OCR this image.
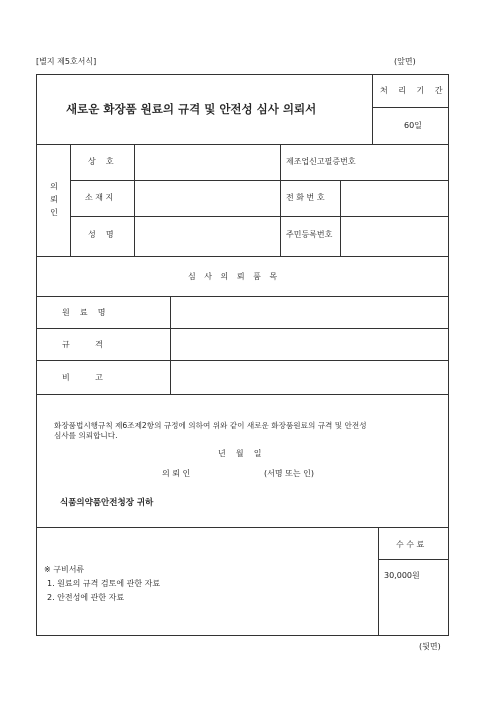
[별지 제5호서식]	(앞면)
새로운 화장품 원료의 규격 및 안전성 심사 의뢰서
처 리 기 간
60일
의뢰인
상    호
소 재 지
성    명
제조업신고필증번호
전 화 번 호
주민등록번호
심 사 의 뢰 품 목
원    료    명
규          격
비          고
화장품법시행규칙 제6조제2항의 규정에 의하여 위와 같이 새로운 화장품원료의 규격 및 안전성
심사를 의뢰합니다.
년    월    일
의 뢰 인	(서명 또는 인)
식품의약품안전청장 귀하
수 수 료
30,000원
※ 구비서류
1. 원료의 규격 검토에 관한 자료
2. 안전성에 관한 자료
(뒷면)
